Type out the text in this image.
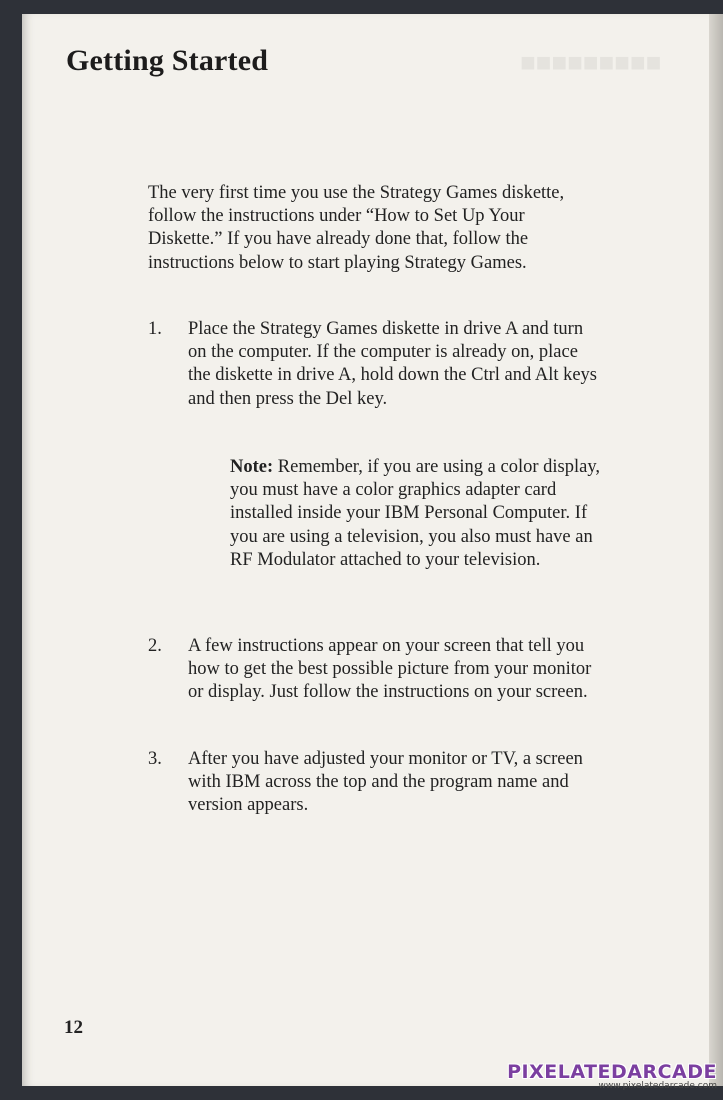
■■■■■■■■■
Getting Started

The very first time you use the Strategy Games diskette, follow the instructions under “How to Set Up Your Diskette.” If you have already done that, follow the instructions below to start playing Strategy Games.

1. Place the Strategy Games diskette in drive A and turn on the computer. If the computer is already on, place the diskette in drive A, hold down the Ctrl and Alt keys and then press the Del key.
Note: Remember, if you are using a color display, you must have a color graphics adapter card installed inside your IBM Personal Computer. If you are using a television, you also must have an RF Modulator attached to your television.
2. A few instructions appear on your screen that tell you how to get the best possible picture from your monitor or display. Just follow the instructions on your screen.
3. After you have adjusted your monitor or TV, a screen with IBM across the top and the program name and version appears.
12
PIXELATEDARCADE
www.pixelatedarcade.com
